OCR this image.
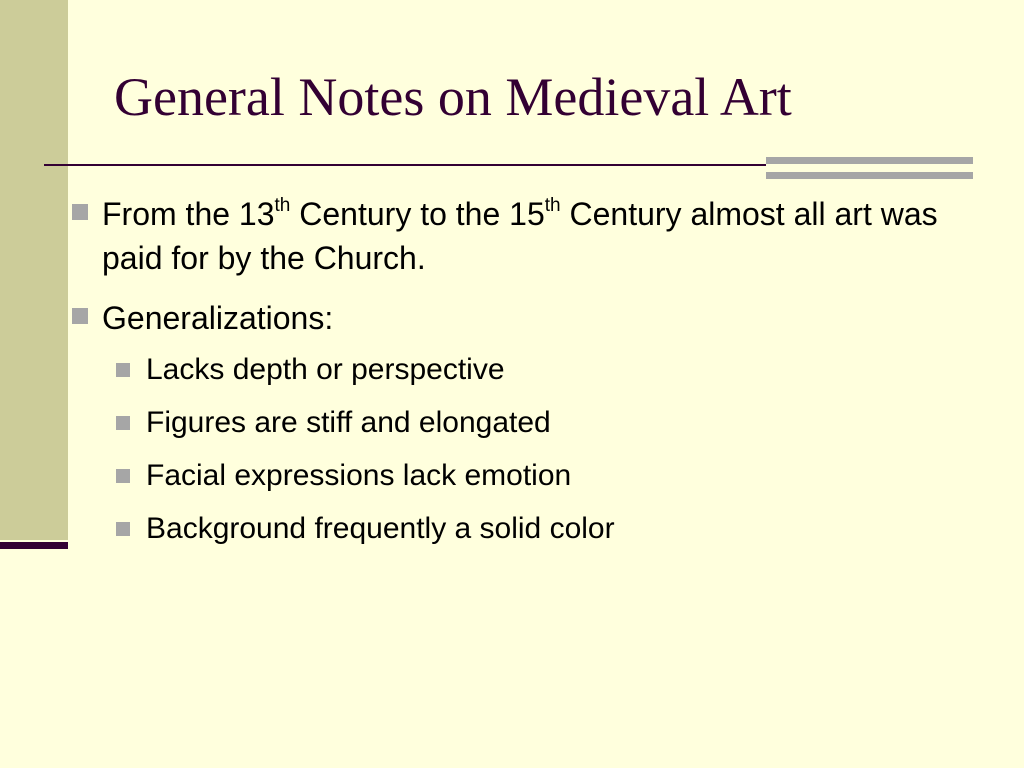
General Notes on Medieval Art
From the 13th Century to the 15th Century almost all art was paid for by the Church.
Generalizations:
Lacks depth or perspective
Figures are stiff and elongated
Facial expressions lack emotion
Background frequently a solid color
